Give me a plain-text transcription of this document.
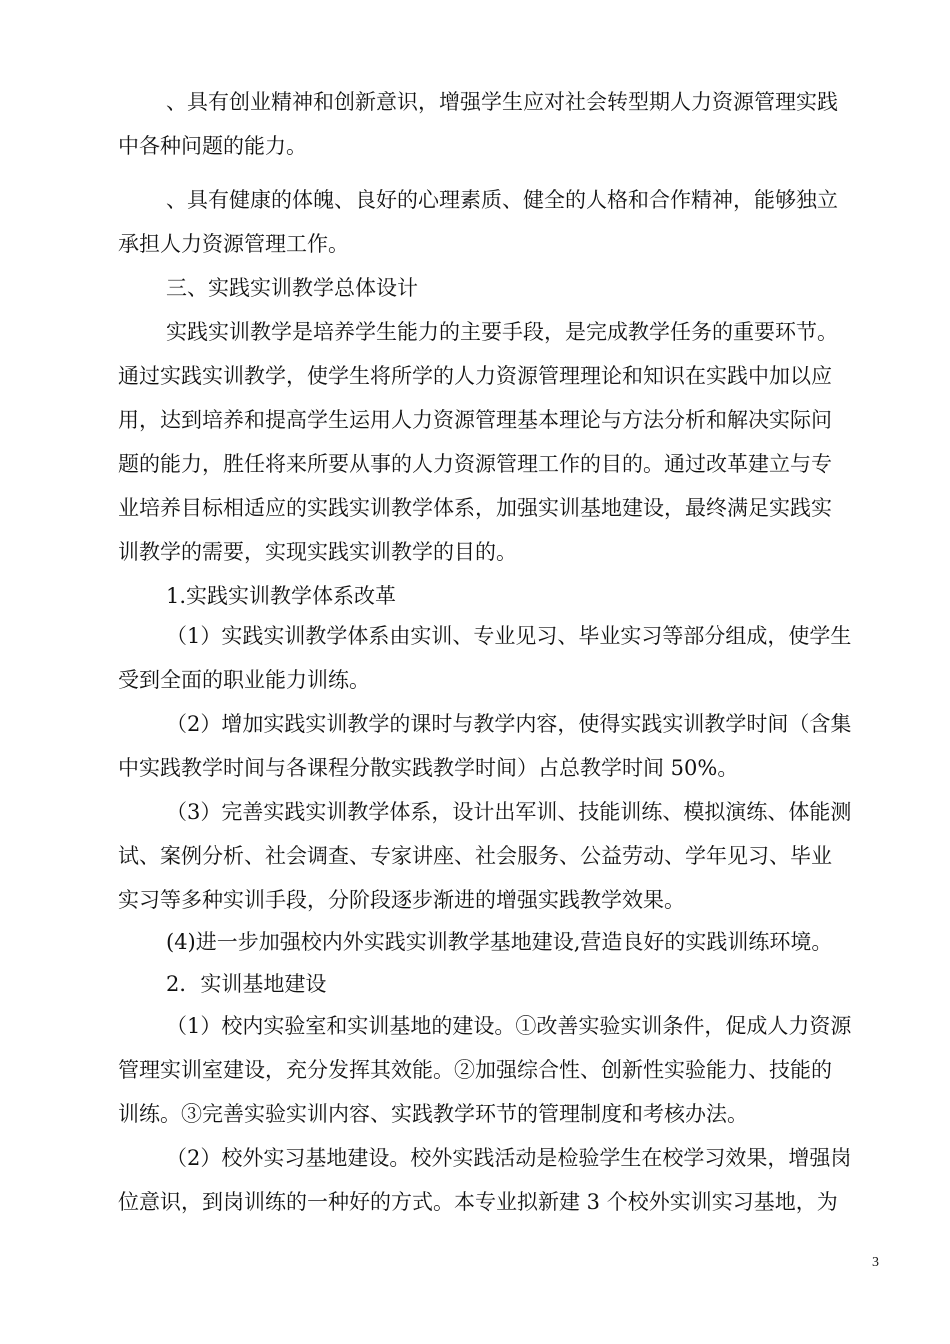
、具有创业精神和创新意识，增强学生应对社会转型期人力资源管理实践
中各种问题的能力。
、具有健康的体魄、良好的心理素质、健全的人格和合作精神，能够独立
承担人力资源管理工作。
三、实践实训教学总体设计
实践实训教学是培养学生能力的主要手段，是完成教学任务的重要环节。
通过实践实训教学，使学生将所学的人力资源管理理论和知识在实践中加以应
用，达到培养和提高学生运用人力资源管理基本理论与方法分析和解决实际问
题的能力，胜任将来所要从事的人力资源管理工作的目的。通过改革建立与专
业培养目标相适应的实践实训教学体系，加强实训基地建设，最终满足实践实
训教学的需要，实现实践实训教学的目的。
1.实践实训教学体系改革
（1）实践实训教学体系由实训、专业见习、毕业实习等部分组成，使学生
受到全面的职业能力训练。
（2）增加实践实训教学的课时与教学内容，使得实践实训教学时间（含集
中实践教学时间与各课程分散实践教学时间）占总教学时间 50%。
（3）完善实践实训教学体系，设计出军训、技能训练、模拟演练、体能测
试、案例分析、社会调查、专家讲座、社会服务、公益劳动、学年见习、毕业
实习等多种实训手段，分阶段逐步渐进的增强实践教学效果。
(4)进一步加强校内外实践实训教学基地建设,营造良好的实践训练环境。
2．实训基地建设
（1）校内实验室和实训基地的建设。①改善实验实训条件，促成人力资源
管理实训室建设，充分发挥其效能。②加强综合性、创新性实验能力、技能的
训练。③完善实验实训内容、实践教学环节的管理制度和考核办法。
（2）校外实习基地建设。校外实践活动是检验学生在校学习效果，增强岗
位意识，到岗训练的一种好的方式。本专业拟新建 3 个校外实训实习基地，为
3
